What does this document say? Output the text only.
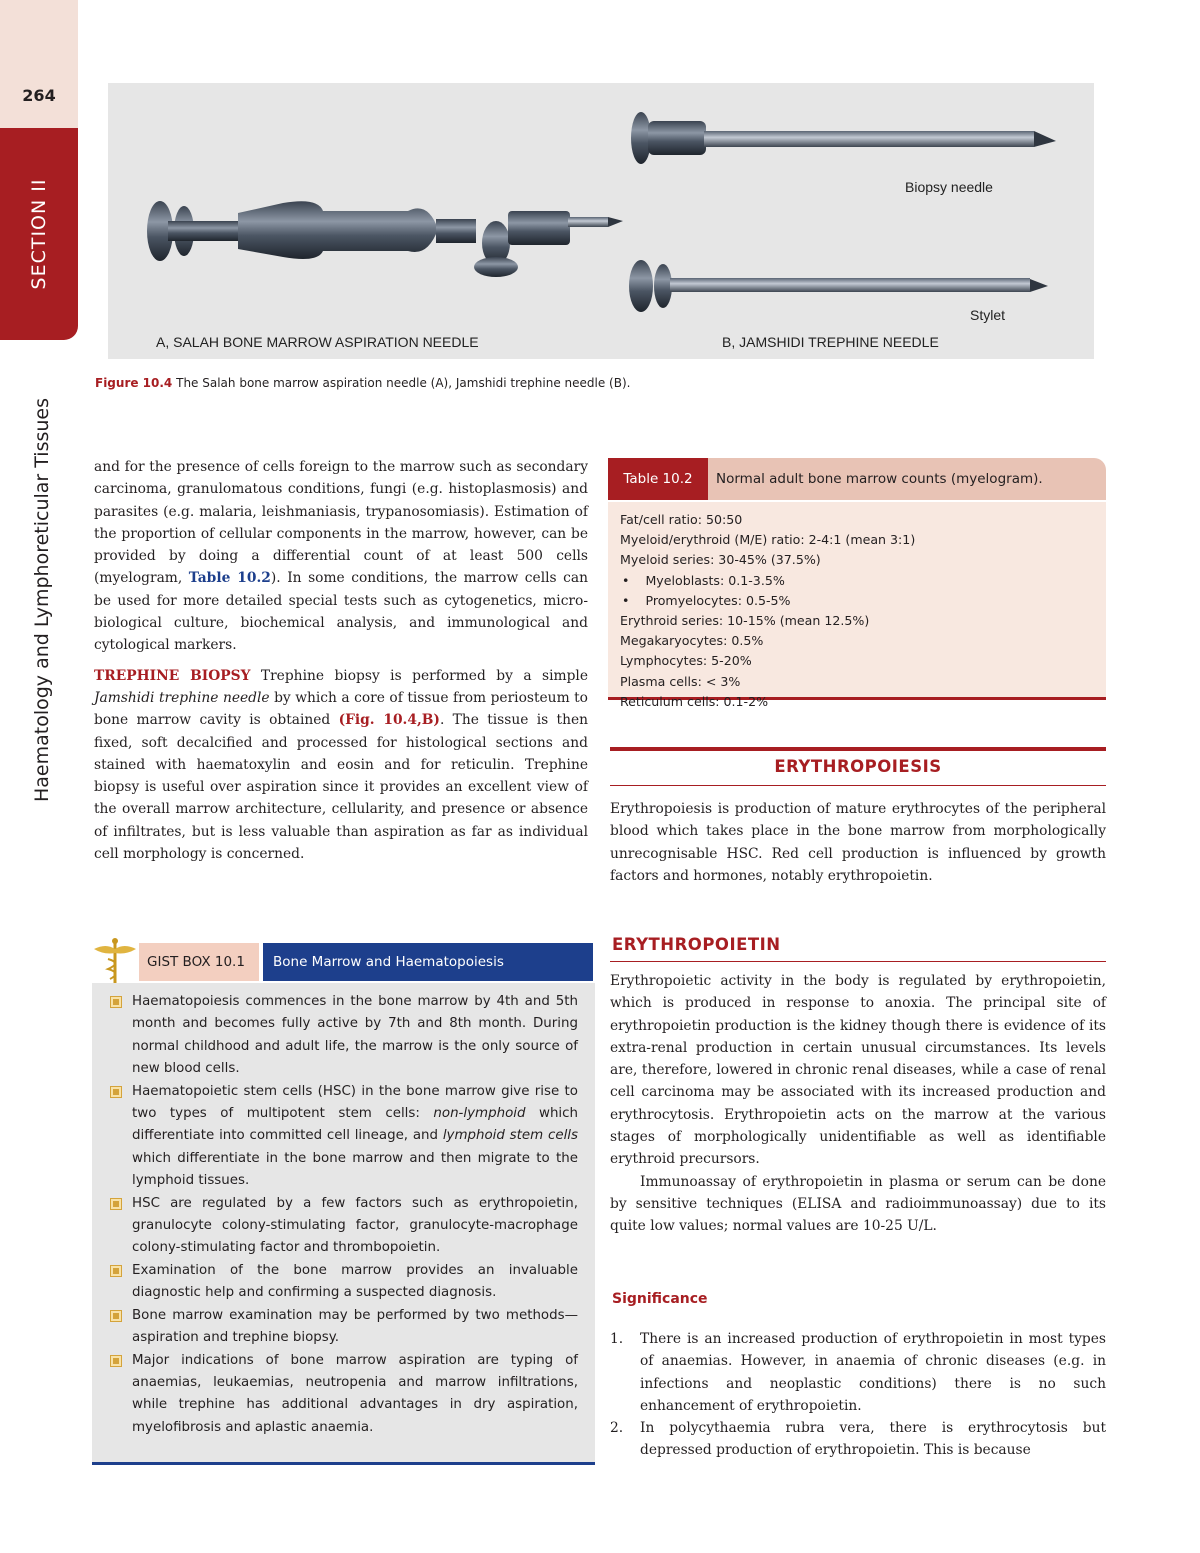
264
SECTION II
Haematology and Lymphoreticular Tissues
A, SALAH BONE MARROW ASPIRATION NEEDLE	B, JAMSHIDI TREPHINE NEEDLE
Biopsy needle
Stylet
Figure 10.4 The Salah bone marrow aspiration needle (A), Jamshidi trephine needle (B).

and for the presence of cells foreign to the marrow such as secondary carcinoma, granulomatous conditions, fungi (e.g. histoplasmosis) and parasites (e.g. malaria, leishmaniasis, trypanosomiasis). Estimation of the proportion of cellular components in the marrow, however, can be provided by doing a differential count of at least 500 cells (myelogram, Table 10.2). In some conditions, the marrow cells can be used for more detailed special tests such as cytogenetics, microbiological culture, biochemical analysis, and immunological and cytological markers.

TREPHINE BIOPSY Trephine biopsy is performed by a simple Jamshidi trephine needle by which a core of tissue from periosteum to bone marrow cavity is obtained (Fig. 10.4,B). The tissue is then fixed, soft decalcified and processed for histological sections and stained with haematoxylin and eosin and for reticulin. Trephine biopsy is useful over aspiration since it provides an excellent view of the overall marrow architecture, cellularity, and presence or absence of infiltrates, but is less valuable than aspiration as far as individual cell morphology is concerned.

GIST BOX 10.1	Bone Marrow and Haematopoiesis
Haematopoiesis commences in the bone marrow by 4th and 5th month and becomes fully active by 7th and 8th month. During normal childhood and adult life, the marrow is the only source of new blood cells.
Haematopoietic stem cells (HSC) in the bone marrow give rise to two types of multipotent stem cells: non-lymphoid which differentiate into committed cell lineage, and lymphoid stem cells which differentiate in the bone marrow and then migrate to the lymphoid tissues.
HSC are regulated by a few factors such as erythropoietin, granulocyte colony-stimulating factor, granulocyte-macrophage colony-stimulating factor and thrombopoietin.
Examination of the bone marrow provides an invaluable diagnostic help and confirming a suspected diagnosis.
Bone marrow examination may be performed by two methods—aspiration and trephine biopsy.
Major indications of bone marrow aspiration are typing of anaemias, leukaemias, neutropenia and marrow infiltrations, while trephine has additional advantages in dry aspiration, myelofibrosis and aplastic anaemia.
Table 10.2	Normal adult bone marrow counts (myelogram).
Fat/cell ratio: 50:50
Myeloid/erythroid (M/E) ratio: 2-4:1 (mean 3:1)
Myeloid series: 30-45% (37.5%)
•    Myeloblasts: 0.1-3.5%
•    Promyelocytes: 0.5-5%
Erythroid series: 10-15% (mean 12.5%)
Megakaryocytes: 0.5%
Lymphocytes: 5-20%
Plasma cells: < 3%
Reticulum cells: 0.1-2%
ERYTHROPOIESIS

Erythropoiesis is production of mature erythrocytes of the peripheral blood which takes place in the bone marrow from morphologically unrecognisable HSC. Red cell production is influenced by growth factors and hormones, notably erythropoietin.

ERYTHROPOIETIN

Erythropoietic activity in the body is regulated by erythropoietin, which is produced in response to anoxia. The principal site of erythropoietin production is the kidney though there is evidence of its extra-renal production in certain unusual circumstances. Its levels are, therefore, lowered in chronic renal diseases, while a case of renal cell carcinoma may be associated with its increased production and erythrocytosis. Erythropoietin acts on the marrow at the various stages of morphologically unidentifiable as well as identifiable erythroid precursors.

Immunoassay of erythropoietin in plasma or serum can be done by sensitive techniques (ELISA and radioimmunoassay) due to its quite low values; normal values are 10-25 U/L.

Significance
1. There is an increased production of erythropoietin in most types of anaemias. However, in anaemia of chronic diseases (e.g. in infections and neoplastic conditions) there is no such enhancement of erythropoietin.
2. In polycythaemia rubra vera, there is erythrocytosis but depressed production of erythropoietin. This is because
